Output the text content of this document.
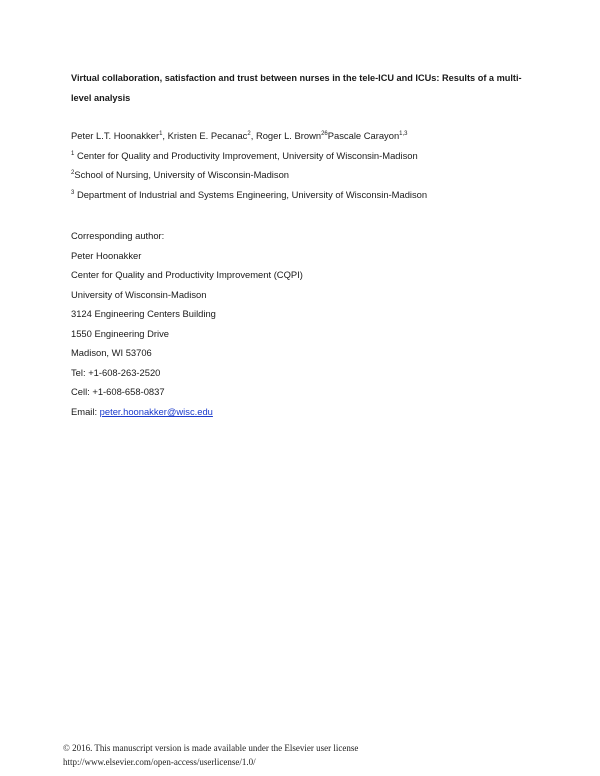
Virtual collaboration, satisfaction and trust between nurses in the tele-ICU and ICUs: Results of a multi-level analysis

Peter L.T. Hoonakker$^1$, Kristen E. Pecanac$^2$, Roger L. Brown$^{26}$Pascale Carayon$^{1,3}$
$^1$ Center for Quality and Productivity Improvement, University of Wisconsin-Madison
$^2$School of Nursing, University of Wisconsin-Madison
$^3$ Department of Industrial and Systems Engineering, University of Wisconsin-Madison
Corresponding author:
Peter Hoonakker
Center for Quality and Productivity Improvement (CQPI)
University of Wisconsin-Madison
3124 Engineering Centers Building
1550 Engineering Drive
Madison, WI 53706
Tel: +1-608-263-2520
Cell: +1-608-658-0837
Email: peter.hoonakker@wisc.edu
© 2016. This manuscript version is made available under the Elsevier user license
http://www.elsevier.com/open-access/userlicense/1.0/
